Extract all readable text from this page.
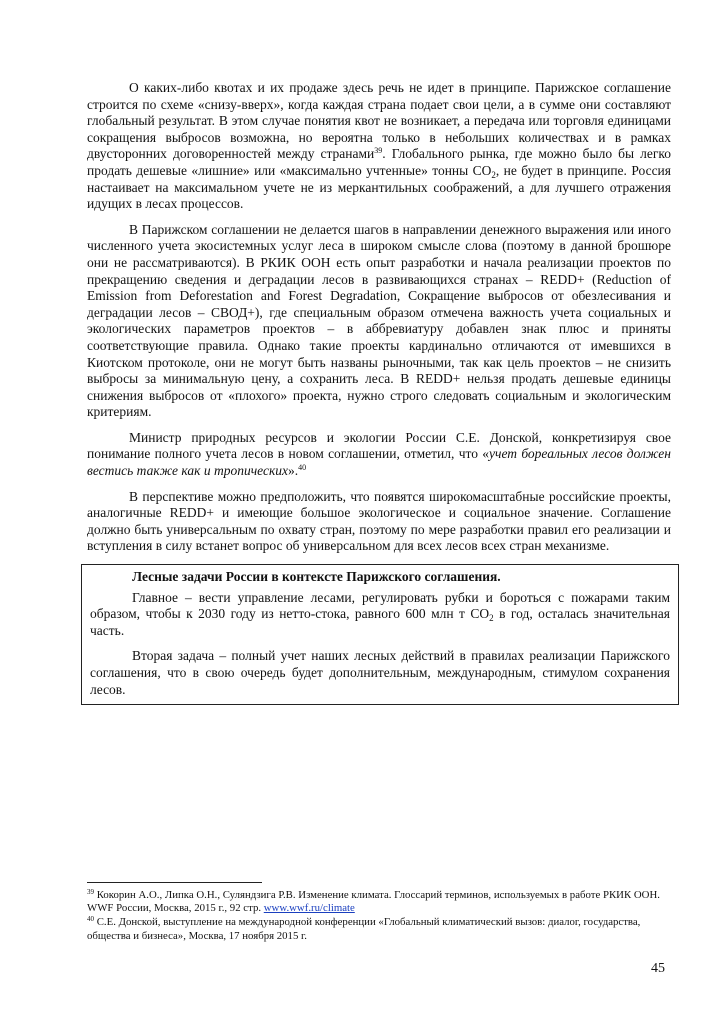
О каких-либо квотах и их продаже здесь речь не идет в принципе. Парижское соглашение строится по схеме «снизу-вверх», когда каждая страна подает свои цели, а в сумме они составляют глобальный результат. В этом случае понятия квот не возникает, а передача или торговля единицами сокращения выбросов возможна, но вероятна только в небольших количествах и в рамках двусторонних договоренностей между странами$^{39}$. Глобального рынка, где можно было бы легко продать дешевые «лишние» или «максимально учтенные» тонны $СО_2$, не будет в принципе. Россия настаивает на максимальном учете не из меркантильных соображений, а для лучшего отражения идущих в лесах процессов.

В Парижском соглашении не делается шагов в направлении денежного выражения или иного численного учета экосистемных услуг леса в широком смысле слова (поэтому в данной брошюре они не рассматриваются). В РКИК ООН есть опыт разработки и начала реализации проектов по прекращению сведения и деградации лесов в развивающихся странах – REDD+ (Reduction of Emission from Deforestation and Forest Degradation, Сокращение выбросов от обезлесивания и деградации лесов – СВОД+), где специальным образом отмечена важность учета социальных и экологических параметров проектов – в аббревиатуру добавлен знак плюс и приняты соответствующие правила. Однако такие проекты кардинально отличаются от имевшихся в Киотском протоколе, они не могут быть названы рыночными, так как цель проектов – не снизить выбросы за минимальную цену, а сохранить леса. В REDD+ нельзя продать дешевые единицы снижения выбросов от «плохого» проекта, нужно строго следовать социальным и экологическим критериям.

Министр природных ресурсов и экологии России С.Е. Донской, конкретизируя свое понимание полного учета лесов в новом соглашении, отметил, что «учет бореальных лесов должен вестись также как и тропических».$^{40}$

В перспективе можно предположить, что появятся широкомасштабные российские проекты, аналогичные REDD+ и имеющие большое экологическое и социальное значение. Соглашение должно быть универсальным по охвату стран, поэтому по мере разработки правил его реализации и вступления в силу встанет вопрос об универсальном для всех лесов всех стран механизме.

Лесные задачи России в контексте Парижского соглашения.

Главное – вести управление лесами, регулировать рубки и бороться с пожарами таким образом, чтобы к 2030 году из нетто-стока, равного 600 млн т $СО_2$ в год, осталась значительная часть.

Вторая задача – полный учет наших лесных действий в правилах реализации Парижского соглашения, что в свою очередь будет дополнительным, международным, стимулом сохранения лесов.

$^{39}$ Кокорин А.О., Липка О.Н., Суляндзига Р.В. Изменение климата. Глоссарий терминов, используемых в работе РКИК ООН. WWF России, Москва, 2015 г., 92 стр. www.wwf.ru/climate
$^{40}$ С.Е. Донской, выступление на международной конференции «Глобальный климатический вызов: диалог, государства, общества и бизнеса», Москва, 17 ноября 2015 г.
45
